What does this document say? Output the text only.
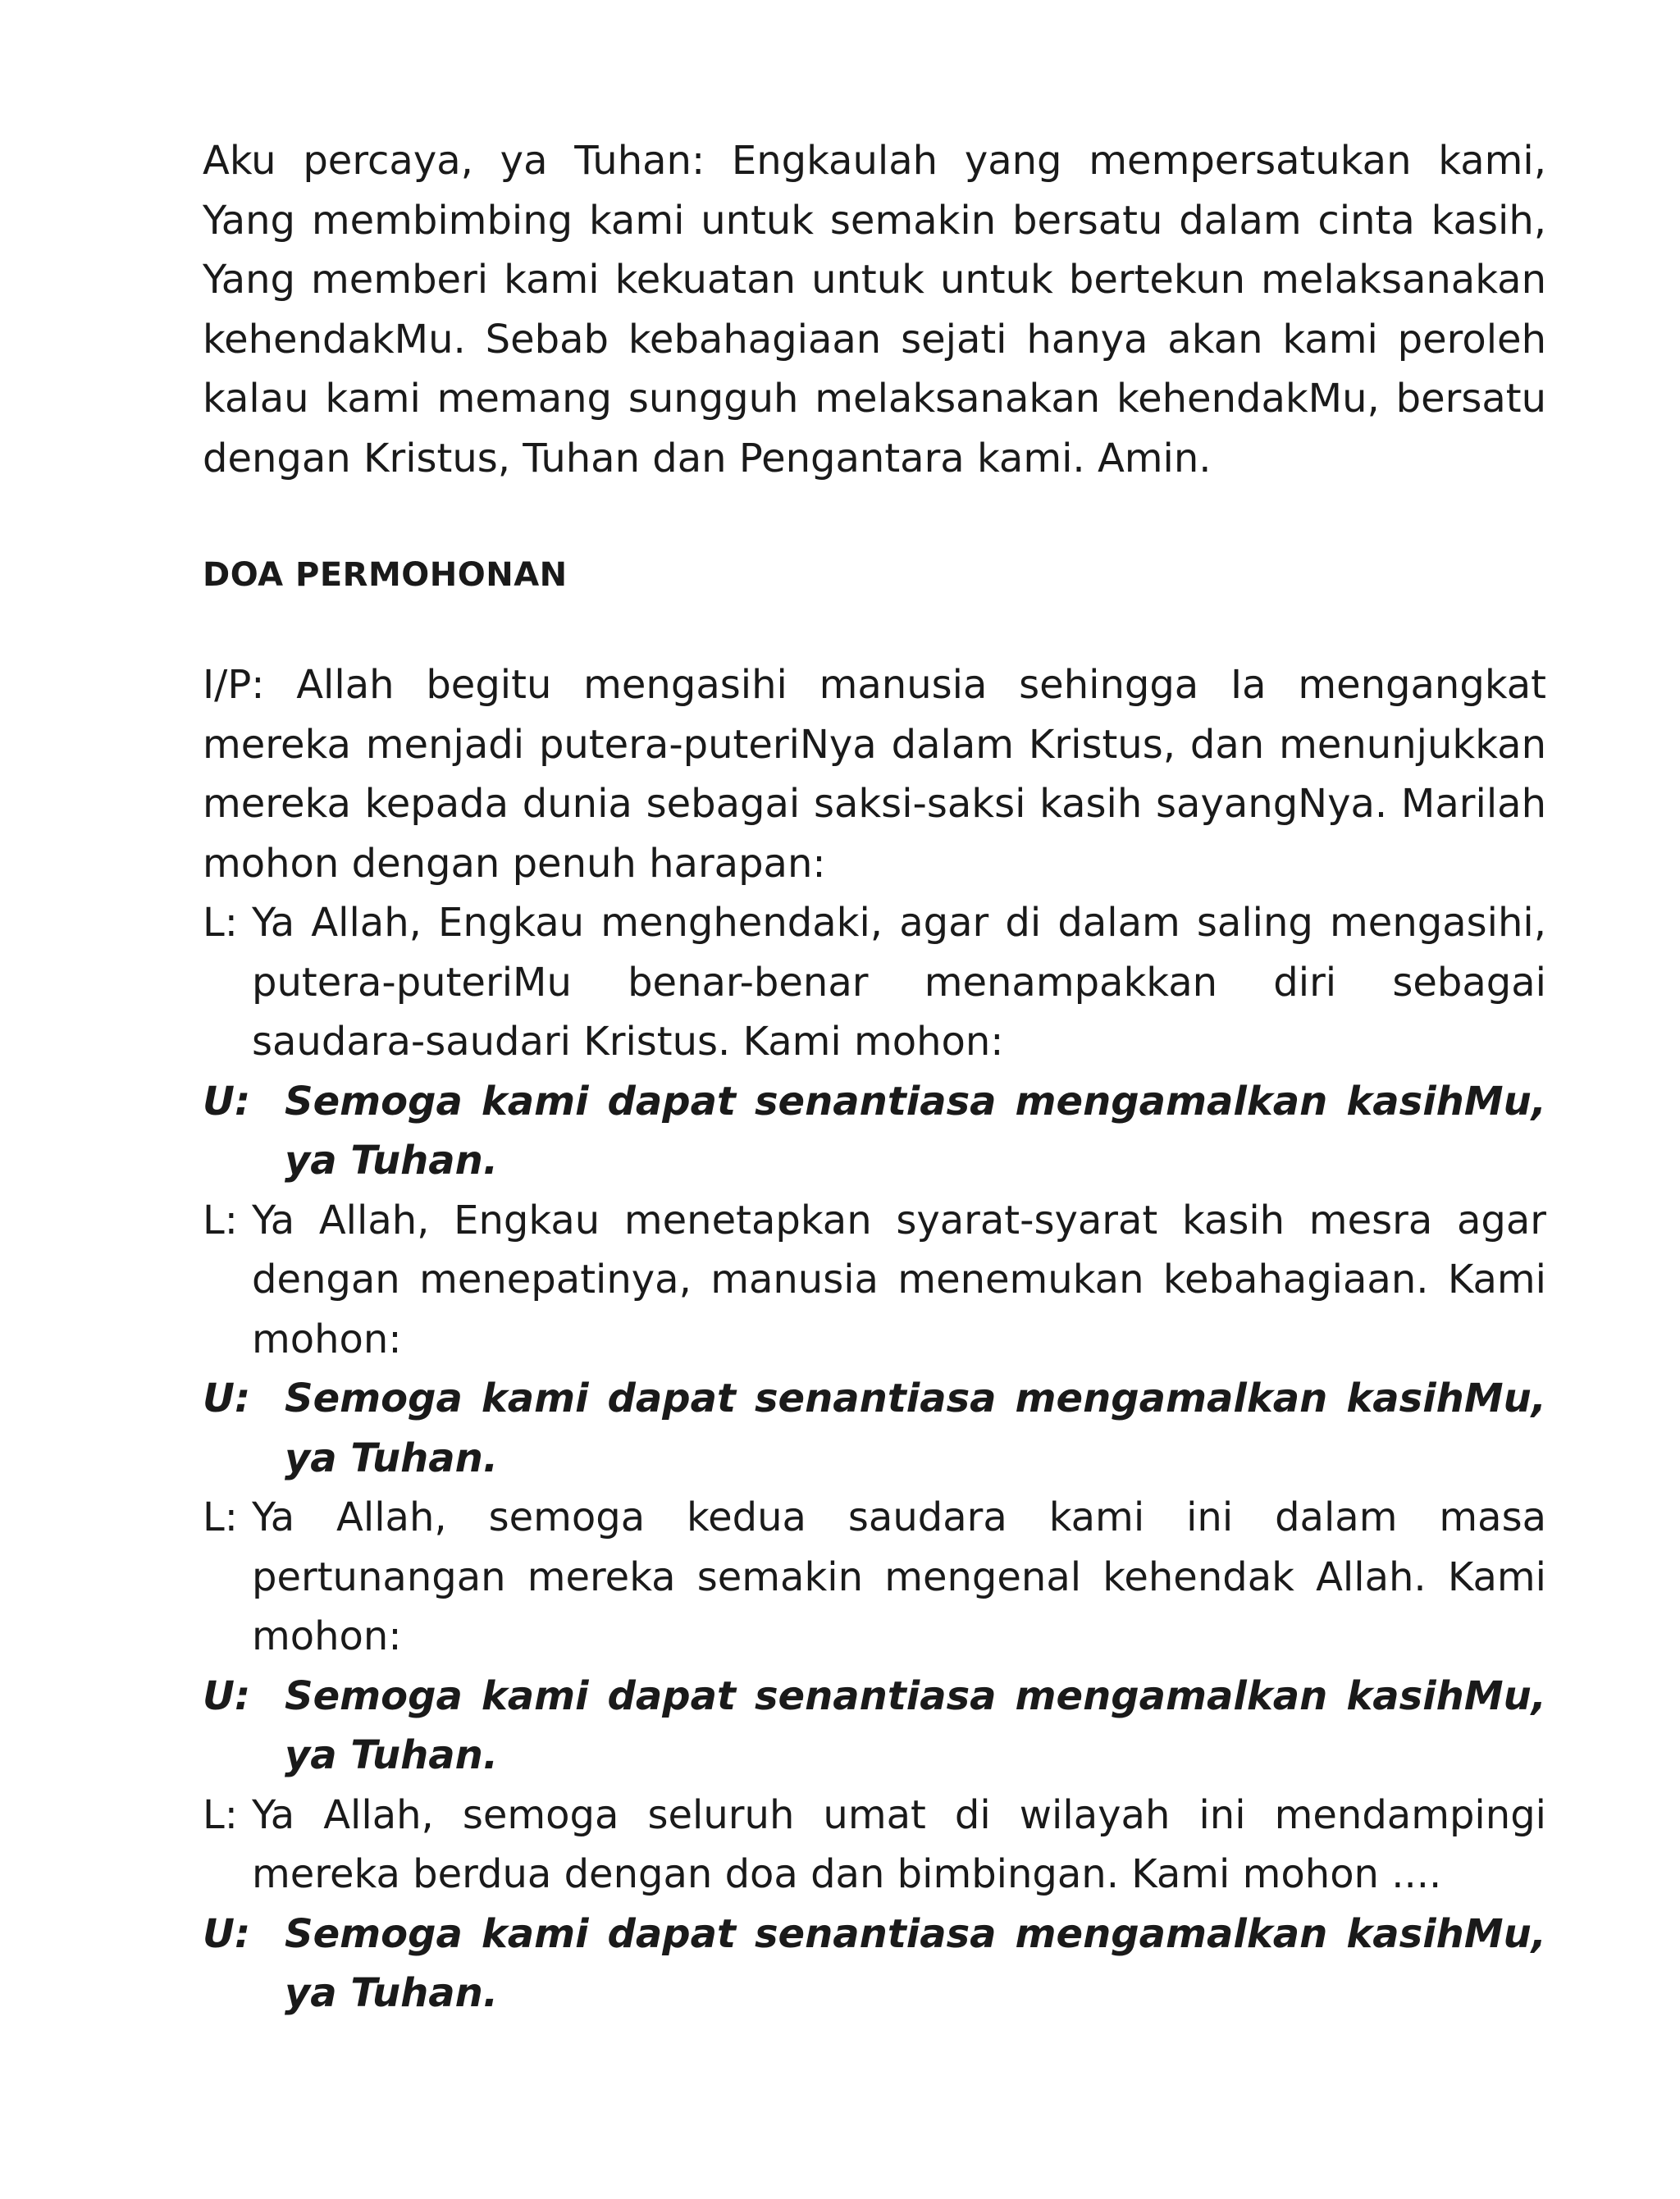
Aku percaya, ya Tuhan: Engkaulah yang mempersatukan kami, Yang membimbing kami untuk semakin bersatu dalam cinta kasih, Yang memberi kami kekuatan untuk untuk bertekun melaksanakan kehendakMu. Sebab kebahagiaan sejati hanya akan kami peroleh kalau kami memang sungguh melaksanakan kehendakMu, bersatu dengan Kristus, Tuhan dan Pengantara kami. Amin.

DOA PERMOHONAN

I/P: Allah begitu mengasihi manusia sehingga Ia mengangkat mereka menjadi putera-puteriNya dalam Kristus, dan menunjukkan mereka kepada dunia sebagai saksi-saksi kasih sayangNya. Marilah mohon dengan penuh harapan:

L: Ya Allah, Engkau menghendaki, agar di dalam saling mengasihi, putera-puteriMu benar-benar menampakkan diri sebagai saudara-saudari Kristus. Kami mohon:
U: Semoga kami dapat senantiasa mengamalkan kasihMu, ya Tuhan.
L: Ya Allah, Engkau menetapkan syarat-syarat kasih mesra agar dengan menepatinya, manusia menemukan kebahagiaan. Kami mohon:
U: Semoga kami dapat senantiasa mengamalkan kasihMu, ya Tuhan.
L: Ya Allah, semoga kedua saudara kami ini dalam masa pertunangan mereka semakin mengenal kehendak Allah. Kami mohon:
U: Semoga kami dapat senantiasa mengamalkan kasihMu, ya Tuhan.
L: Ya Allah, semoga seluruh umat di wilayah ini mendampingi mereka berdua dengan doa dan bimbingan. Kami mohon ....
U: Semoga kami dapat senantiasa mengamalkan kasihMu, ya Tuhan.
